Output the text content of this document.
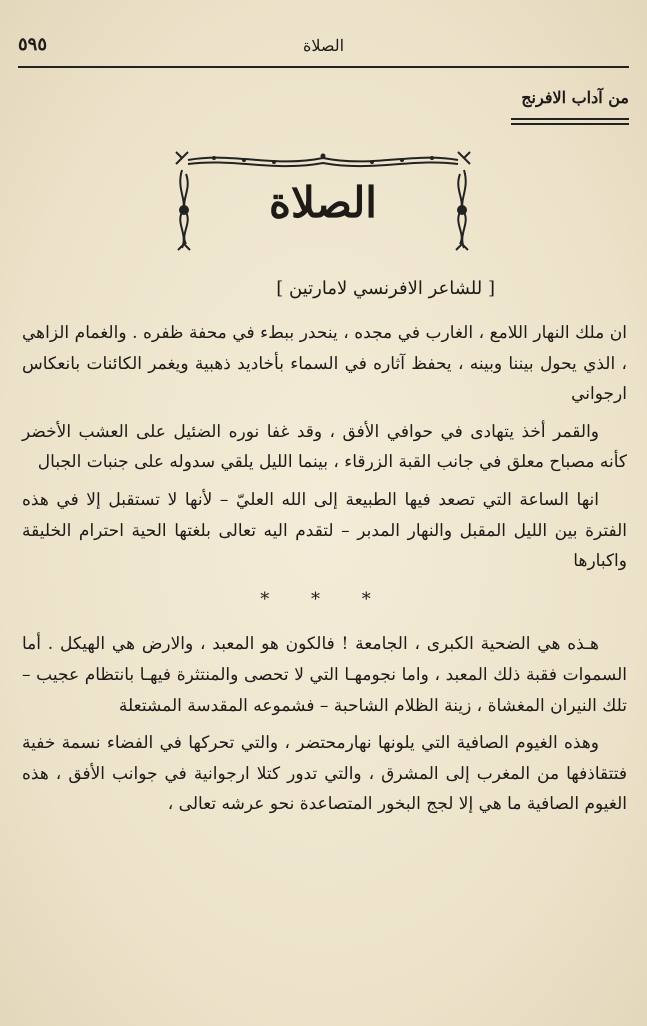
الصلاة
٥٩٥
من آداب الافرنج
الصلاة
[ للشاعر الافرنسي لامارتين ]

ان ملك النهار اللامع ، الغارب في مجده ، ينحدر ببطء في محفة ظفره . والغمام الزاهي ، الذي يحول بيننا وبينه ، يحفظ آثاره في السماء بأخاديد ذهبية ويغمر الكائنات بانعكاس ارجواني

والقمر أخذ يتهادى في حوافي الأفق ، وقد غفا نوره الضئيل على العشب الأخضر كأنه مصباح معلق في جانب القبة الزرقاء ، بينما الليل يلقي سدوله على جنبات الجبال

انها الساعة التي تصعد فيها الطبيعة إلى الله العليّ – لأنها لا تستقبل إلا في هذه الفترة بين الليل المقبل والنهار المدبر – لتقدم اليه تعالى بلغتها الحية احترام الخليقة واكبارها

* * *

هـذه هي الضحية الكبرى ، الجامعة ! فالكون هو المعبد ، والارض هي الهيكل . أما السموات فقبة ذلك المعبد ، واما نجومهـا التي لا تحصى والمنتثرة فيهـا بانتظام عجيب – تلك النيران المغشاة ، زينة الظلام الشاحبة – فشموعه المقدسة المشتعلة

وهذه الغيوم الصافية التي يلونها نهارمحتضر ، والتي تحركها في الفضاء نسمة خفية فتتقاذفها من المغرب إلى المشرق ، والتي تدور كتلا ارجوانية في جوانب الأفق ، هذه الغيوم الصافية ما هي إلا لجج البخور المتصاعدة نحو عرشه تعالى ،
